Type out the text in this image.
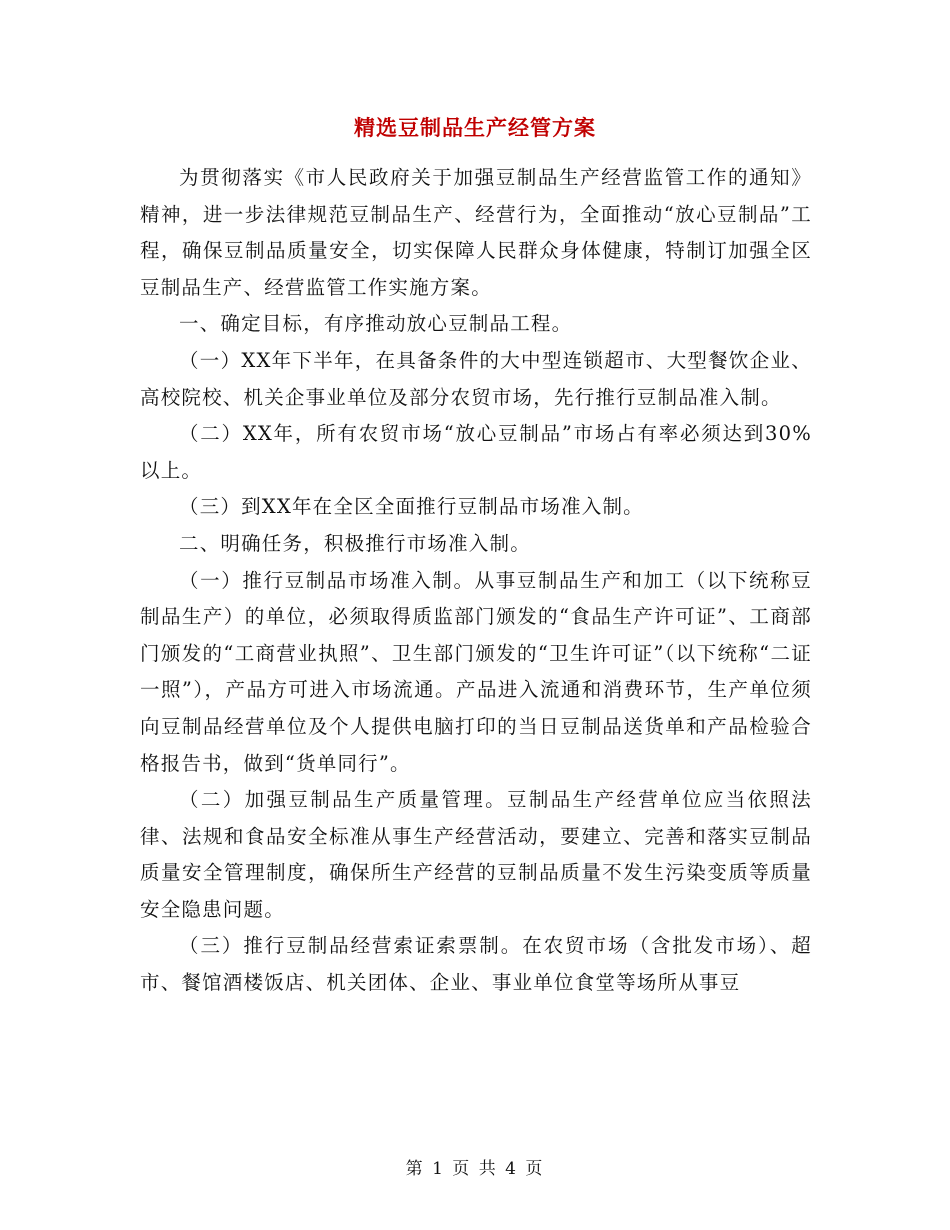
精选豆制品生产经管方案

为贯彻落实《市人民政府关于加强豆制品生产经营监管工作的通知》精神，进一步法律规范豆制品生产、经营行为，全面推动“放心豆制品”工程，确保豆制品质量安全，切实保障人民群众身体健康，特制订加强全区豆制品生产、经营监管工作实施方案。

一、确定目标，有序推动放心豆制品工程。

（一）XX年下半年，在具备条件的大中型连锁超市、大型餐饮企业、高校院校、机关企事业单位及部分农贸市场，先行推行豆制品准入制。

（二）XX年，所有农贸市场“放心豆制品”市场占有率必须达到30%以上。

（三）到XX年在全区全面推行豆制品市场准入制。

二、明确任务，积极推行市场准入制。

（一）推行豆制品市场准入制。从事豆制品生产和加工（以下统称豆制品生产）的单位，必须取得质监部门颁发的“食品生产许可证”、工商部门颁发的“工商营业执照”、卫生部门颁发的“卫生许可证”（以下统称“二证一照”），产品方可进入市场流通。产品进入流通和消费环节，生产单位须向豆制品经营单位及个人提供电脑打印的当日豆制品送货单和产品检验合格报告书，做到“货单同行”。

（二）加强豆制品生产质量管理。豆制品生产经营单位应当依照法律、法规和食品安全标准从事生产经营活动，要建立、完善和落实豆制品质量安全管理制度，确保所生产经营的豆制品质量不发生污染变质等质量安全隐患问题。

（三）推行豆制品经营索证索票制。在农贸市场（含批发市场）、超市、餐馆酒楼饭店、机关团体、企业、事业单位食堂等场所从事豆

第 1 页 共 4 页
